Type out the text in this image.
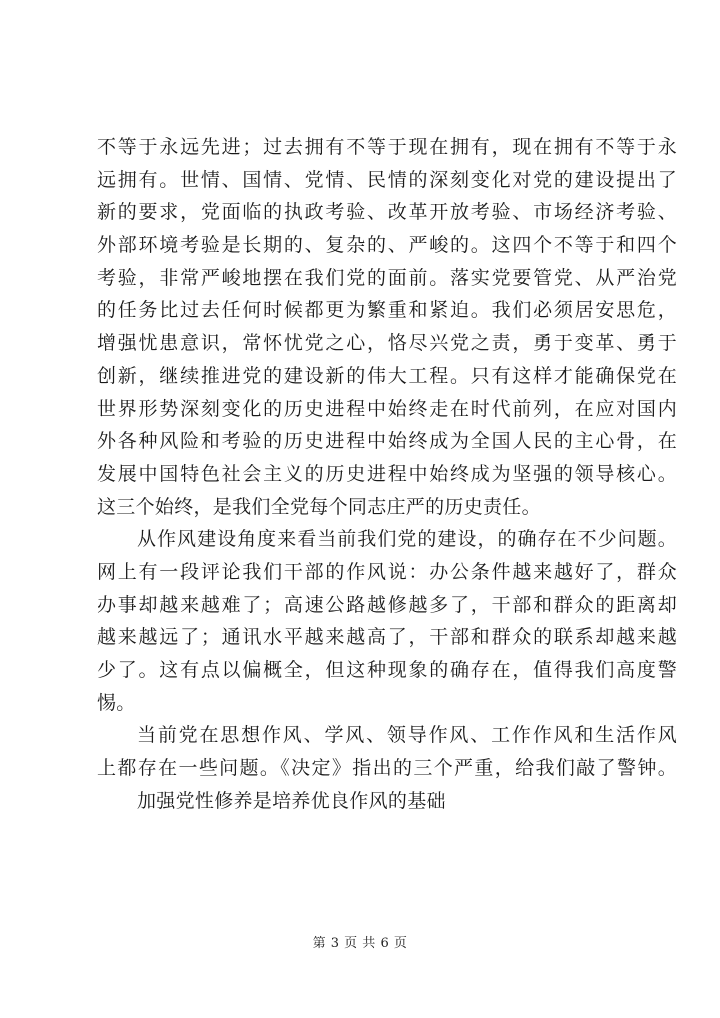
不等于永远先进；过去拥有不等于现在拥有，现在拥有不等于永
远拥有。世情、国情、党情、民情的深刻变化对党的建设提出了
新的要求，党面临的执政考验、改革开放考验、市场经济考验、
外部环境考验是长期的、复杂的、严峻的。这四个不等于和四个
考验，非常严峻地摆在我们党的面前。落实党要管党、从严治党
的任务比过去任何时候都更为繁重和紧迫。我们必须居安思危，
增强忧患意识，常怀忧党之心，恪尽兴党之责，勇于变革、勇于
创新，继续推进党的建设新的伟大工程。只有这样才能确保党在
世界形势深刻变化的历史进程中始终走在时代前列，在应对国内
外各种风险和考验的历史进程中始终成为全国人民的主心骨，在
发展中国特色社会主义的历史进程中始终成为坚强的领导核心。
这三个始终，是我们全党每个同志庄严的历史责任。
从作风建设角度来看当前我们党的建设，的确存在不少问题。
网上有一段评论我们干部的作风说：办公条件越来越好了，群众
办事却越来越难了；高速公路越修越多了，干部和群众的距离却
越来越远了；通讯水平越来越高了，干部和群众的联系却越来越
少了。这有点以偏概全，但这种现象的确存在，值得我们高度警
惕。
当前党在思想作风、学风、领导作风、工作作风和生活作风
上都存在一些问题。《决定》指出的三个严重，给我们敲了警钟。
加强党性修养是培养优良作风的基础
第 3 页 共 6 页
